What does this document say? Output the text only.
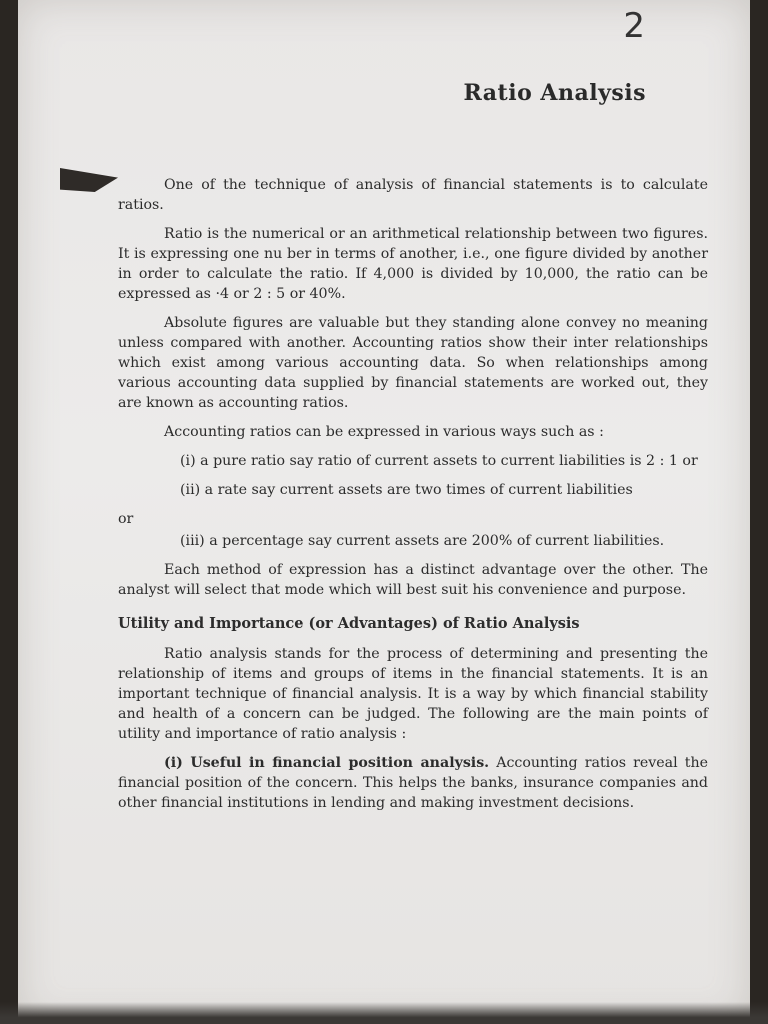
2
Ratio Analysis

One of the technique of analysis of financial statements is to calculate ratios.

Ratio is the numerical or an arithmetical relationship between two figures. It is expressing one nu ber in terms of another, i.e., one figure divided by another in order to calculate the ratio. If 4,000 is divided by 10,000, the ratio can be expressed as ·4 or 2 : 5 or 40%.

Absolute figures are valuable but they standing alone convey no meaning unless compared with another. Accounting ratios show their inter relationships which exist among various accounting data. So when relationships among various accounting data supplied by financial statements are worked out, they are known as accounting ratios.

Accounting ratios can be expressed in various ways such as :

(i) a pure ratio say ratio of current assets to current liabilities is 2 : 1 or

(ii) a rate say current assets are two times of current liabilities

or

(iii) a percentage say current assets are 200% of current liabilities.

Each method of expression has a distinct advantage over the other. The analyst will select that mode which will best suit his convenience and purpose.

Utility and Importance (or Advantages) of Ratio Analysis

Ratio analysis stands for the process of determining and presenting the relationship of items and groups of items in the financial statements. It is an important technique of financial analysis. It is a way by which financial stability and health of a concern can be judged. The following are the main points of utility and importance of ratio analysis :

(i) Useful in financial position analysis. Accounting ratios reveal the financial position of the concern. This helps the banks, insurance companies and other financial institutions in lending and making investment decisions.
